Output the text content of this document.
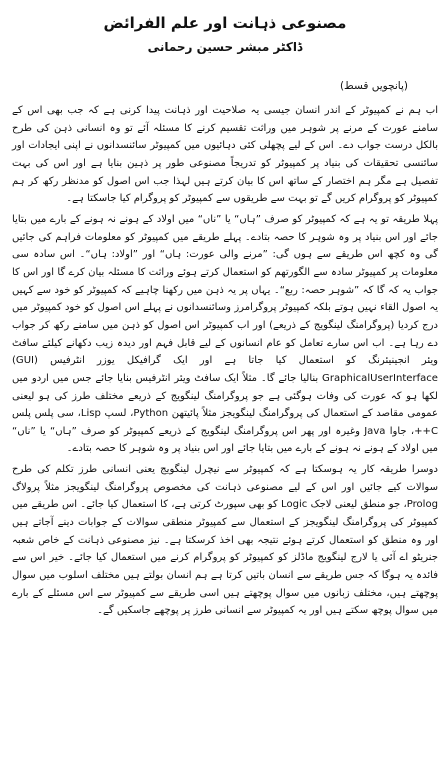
مصنوعی ذہانت اور علم الفرائض
ڈاکٹر مبشر حسین رحمانی
(پانچویں قسط)

اب ہم نے کمپیوٹر کے اندر انسان جیسی یہ صلاحیت اور ذہانت پیدا کرنی ہے کہ جب بھی اس کے سامنے عورت کے مرنے پر شوہر میں وراثت تقسیم کرنے کا مسئلہ آئے تو وہ انسانی ذہن کی طرح بالکل درست جواب دے۔ اس کے لیے پچھلی کئی دہائیوں میں کمپیوٹر سائنسدانوں نے اپنی ایجادات اور سائنسی تحقیقات کی بنیاد پر کمپیوٹر کو تدریجاً مصنوعی طور پر ذہین بنایا ہے اور اس کی بہت تفصیل ہے مگر ہم اختصار کے ساتھ اس کا بیان کرتے ہیں لہذا جب اس اصول کو مدنظر رکھ کر ہم کمپیوٹر کو پروگرام کریں گے تو بہت سے طریقوں سے کمپیوٹر کو پروگرام کیا جاسکتا ہے۔

پہلا طریقہ تو یہ ہے کہ کمپیوٹر کو صرف ”ہاں“ یا ”ناں“ میں اولاد کے ہونے نہ ہونے کے بارے میں بتایا جائے اور اس بنیاد پر وہ شوہر کا حصہ بتادے۔ پہلے طریقے میں کمپیوٹر کو معلومات فراہم کی جائیں گی وہ کچھ اس طریقے سے ہوں گی: ”مرنے والی عورت: ہاں“ اور ”اولاد: ہاں“۔ اس سادہ سی معلومات پر کمپیوٹر سادہ سے الگورتھم کو استعمال کرتے ہوئے وراثت کا مسئلہ بیان کرے گا اور اس کا جواب یہ کہ گا کہ ”شوہر حصہ: ربع“۔ یہاں پر یہ ذہن میں رکھنا چاہیے کہ کمپیوٹر کو خود سے کہیں یہ اصول القاء نہیں ہوتے بلکہ کمپیوٹر پروگرامرز وسائنسدانوں نے پہلے اس اصول کو خود کمپیوٹر میں درج کردیا (پروگرامنگ لینگویج کے ذریعے) اور اب کمپیوٹر اس اصول کو ذہن میں سامنے رکھ کر جواب دے رہا ہے۔ اب اس سارے تعامل کو عام انسانوں کے لیے قابل فہم اور دیدہ زیب دکھانے کیلئے سافٹ ویئر انجینیئرنگ کو استعمال کیا جاتا ہے اور ایک گرافیکل یوزر انٹرفیس (GUI) GraphicalUserInterface بنالیا جائے گا۔ مثلاً ایک سافٹ ویئر انٹرفیس بنایا جائے جس میں اردو میں لکھا ہو کہ عورت کی وفات ہوگئی ہے جو پروگرامنگ لینگویج کے ذریعے مختلف طرز کی ہو لیعنی عمومی مقاصد کے استعمال کی پروگرامنگ لینگویجز مثلاً پائیتھن Python، لسپ Lisp، سی پلس پلس C++، جاوا Java وغیرہ اور پھر اس پروگرامنگ لینگویج کے ذریعے کمپیوٹر کو صرف ”ہاں“ یا ”ناں“ میں اولاد کے ہونے نہ ہونے کے بارے میں بتایا جائے اور اس بنیاد پر وہ شوہر کا حصہ بتادے۔

دوسرا طریقہ کار یہ ہوسکتا ہے کہ کمپیوٹر سے نیچرل لینگویج یعنی انسانی طرز تکلم کی طرح سوالات کیے جائیں اور اس کے لیے مصنوعی ذہانت کی مخصوص پروگرامنگ لینگویجز مثلاً پرولاگ Prolog، جو منطق لیعنی لاجک Logic کو بھی سپورٹ کرتی ہے، کا استعمال کیا جائے۔ اس طریقے میں کمپیوٹر کی پروگرامنگ لینگویجز کے استعمال سے کمپیوٹر منطقی سوالات کے جوابات دینے آجاتے ہیں اور وہ منطق کو استعمال کرتے ہوئے نتیجہ بھی اخذ کرسکتا ہے۔ نیز مصنوعی ذہانت کے خاص شعبہ جنریٹو اے آئی یا لارج لینگویج ماڈلز کو کمپیوٹر کو پروگرام کرنے میں استعمال کیا جائے۔ خیر اس سے فائدہ یہ ہوگا کہ جس طریقے سے انسان باتیں کرتا ہے ہم انسان بولتے ہیں مختلف اسلوب میں سوال پوچھتے ہیں، مختلف زبانوں میں سوال پوچھتے ہیں اسی طریقے سے کمپیوٹر سے اس مسئلے کے بارے میں سوال پوچھ سکتے ہیں اور یہ کمپیوٹر سے انسانی طرز پر پوچھے جاسکیں گے۔
